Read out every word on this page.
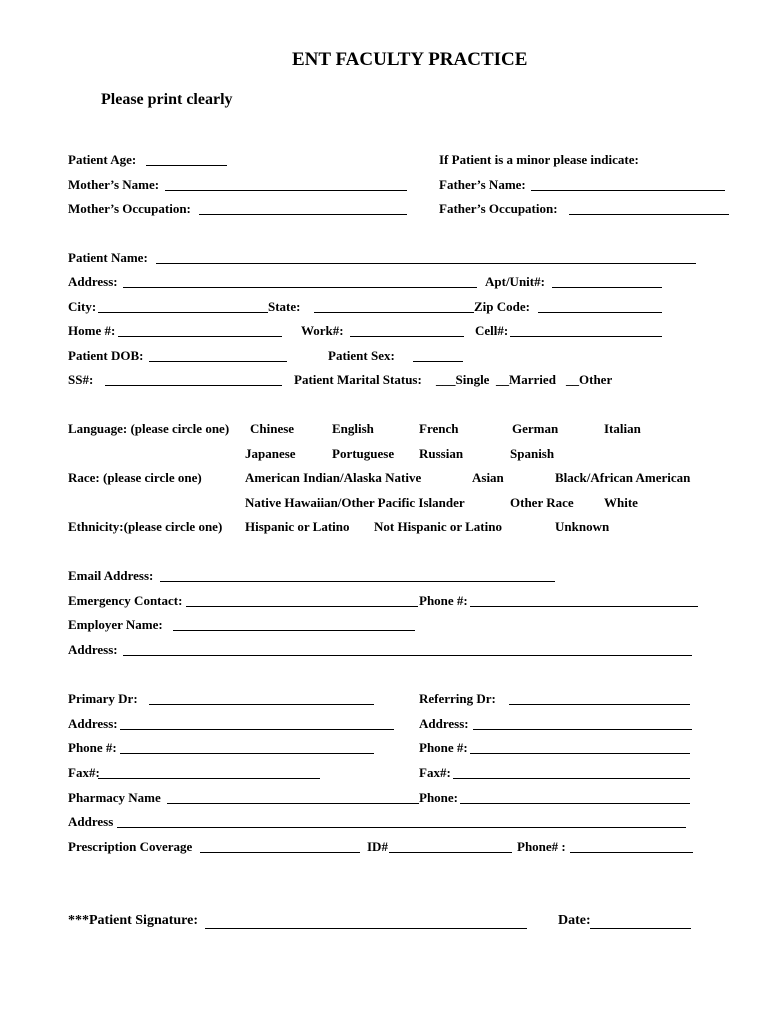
ENT FACULTY PRACTICE
Please print clearly
Patient Age:	If Patient is a minor please indicate:
Mother’s Name:	Father’s Name:
Mother’s Occupation:	Father’s Occupation:
Patient Name:
Address:	Apt/Unit#:
City:	State:	Zip Code:
Home #:	Work#:	Cell#:
Patient DOB:	Patient Sex:
SS#:	Patient Marital Status: ___Single __Married __Other
Language: (please circle one) Chinese	English	French	German	Italian
Japanese	Portuguese Russian	Spanish
Race: (please circle one)	American Indian/Alaska Native	Asian	Black/African American
Native Hawaiian/Other Pacific Islander	Other Race White
Ethnicity:(please circle one) Hispanic or Latino Not Hispanic or Latino	Unknown
Email Address:
Emergency Contact:	Phone #:
Employer Name:
Address:
Primary Dr:	Referring Dr:
Address:	Address:
Phone #:	Phone #:
Fax#:	Fax#:
Pharmacy Name	Phone:
Address
Prescription Coverage	ID#	Phone# :
***Patient Signature:	Date:
